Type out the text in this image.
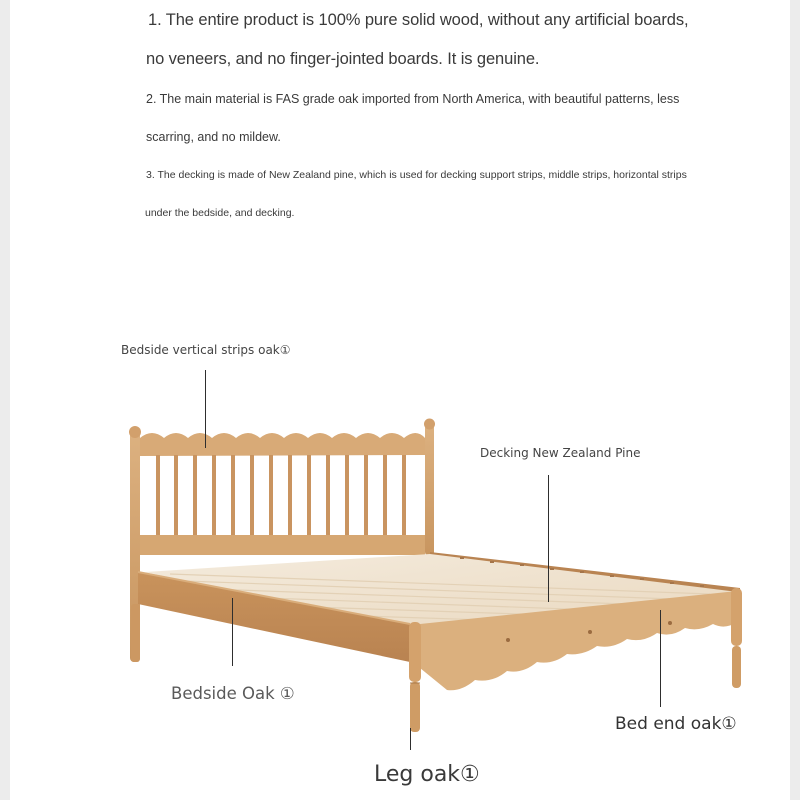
1. The entire product is 100% pure solid wood, without any artificial boards,

no veneers, and no finger-jointed boards. It is genuine.

2. The main material is FAS grade oak imported from North America, with beautiful patterns, less

scarring, and no mildew.

3. The decking is made of New Zealand pine, which is used for decking support strips, middle strips, horizontal strips

under the bedside, and decking.

Bedside vertical strips oak①
Decking New Zealand Pine
Bedside Oak ①
Bed end oak①
Leg oak①
